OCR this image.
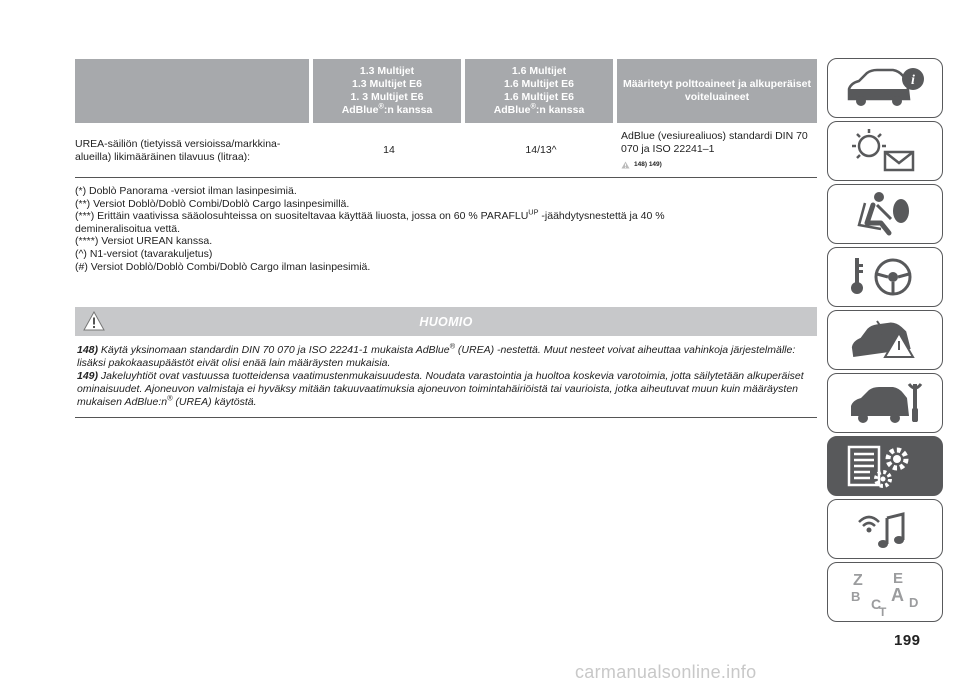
	1.3 Multijet
1.3 Multijet E6
1. 3 Multijet E6
AdBlue®:n kanssa	1.6 Multijet
1.6 Multijet E6
1.6 Multijet E6
AdBlue®:n kanssa	Määritetyt polttoaineet ja alkuperäiset voiteluaineet
UREA-säiliön (tietyissä versioissa/markkina-alueilla) likimääräinen tilavuus (litraa):	14	14/13^	AdBlue (vesiurealiuos) standardi DIN 70 070 ja ISO 22241–1
148) 149)

(*) Doblò Panorama -versiot ilman lasinpesimiä.

(**) Versiot Doblò/Doblò Combi/Doblò Cargo lasinpesimillä.

(***) Erittäin vaativissa sääolosuhteissa on suositeltavaa käyttää liuosta, jossa on 60 % $PARAFLU^{UP}$ -jäähdytysnestettä ja 40 %

demineralisoitua vettä.

(****) Versiot UREAN kanssa.

(^) N1-versiot (tavarakuljetus)

(#) Versiot Doblò/Doblò Combi/Doblò Cargo ilman lasinpesimiä.

HUOMIO

148) Käytä yksinomaan standardin DIN 70 070 ja ISO 22241-1 mukaista AdBlue® (UREA) -nestettä. Muut nesteet voivat aiheuttaa vahinkoja järjestelmälle: lisäksi pakokaasupäästöt eivät olisi enää lain määräysten mukaisia.

149) Jakeluyhtiöt ovat vastuussa tuotteidensa vaatimustenmukaisuudesta. Noudata varastointia ja huoltoa koskevia varotoimia, jotta säilytetään alkuperäiset ominaisuudet. Ajoneuvon valmistaja ei hyväksy mitään takuuvaatimuksia ajoneuvon toimintahäiriöistä tai vaurioista, jotka aiheutuvat muun kuin määräysten mukaisen AdBlue:n® (UREA) käytöstä.

i
Z E
B A
C D
T
199
carmanualsonline.info
